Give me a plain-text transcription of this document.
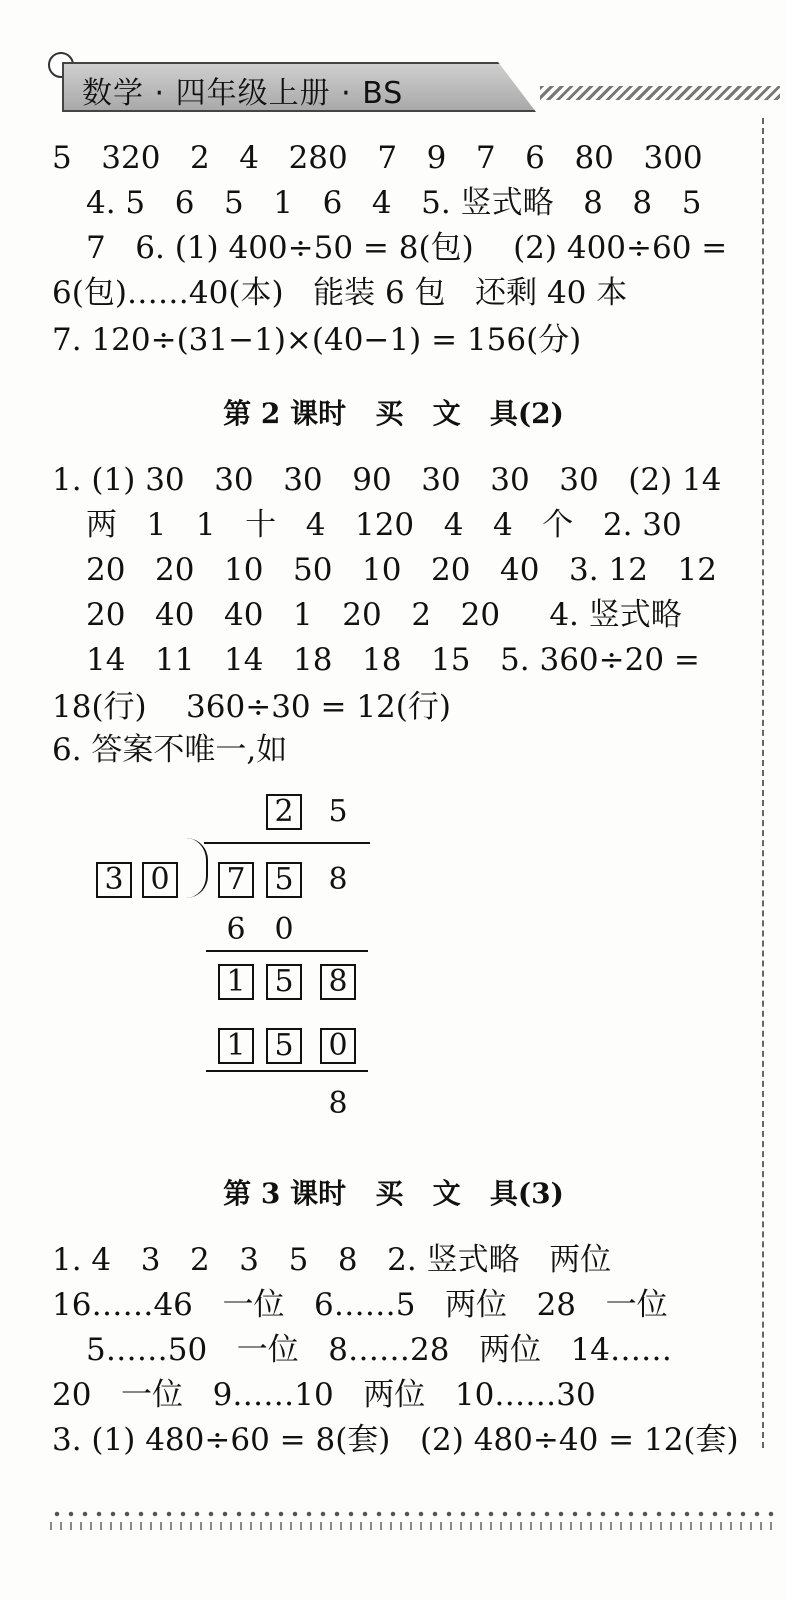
数学 · 四年级上册 · BS
5   320   2   4   280   7   9   7   6   80   300
4. 5   6   5   1   6   4   5. 竖式略   8   8   5
7   6. (1) 400÷50 = 8(包)    (2) 400÷60 =
6(包)……40(本)   能装 6 包   还剩 40 本
7. 120÷(31−1)×(40−1) = 156(分)
第 2 课时   买   文   具(2)
1. (1) 30   30   30   90   30   30   30   (2) 14
两   1   1   十   4   120   4   4   个   2. 30
20   20   10   50   10   20   40   3. 12   12
20   40   40   1   20   2   20     4. 竖式略
14   11   14   18   18   15   5. 360÷20 =
18(行)    360÷30 = 12(行)
6. 答案不唯一,如
2 5
3 0 7 5 8
6 0
1 5 8
1 5 0
8
第 3 课时   买   文   具(3)
1. 4   3   2   3   5   8   2. 竖式略   两位
16……46   一位   6……5   两位   28   一位
5……50   一位   8……28   两位   14……
20   一位   9……10   两位   10……30
3. (1) 480÷60 = 8(套)   (2) 480÷40 = 12(套)
